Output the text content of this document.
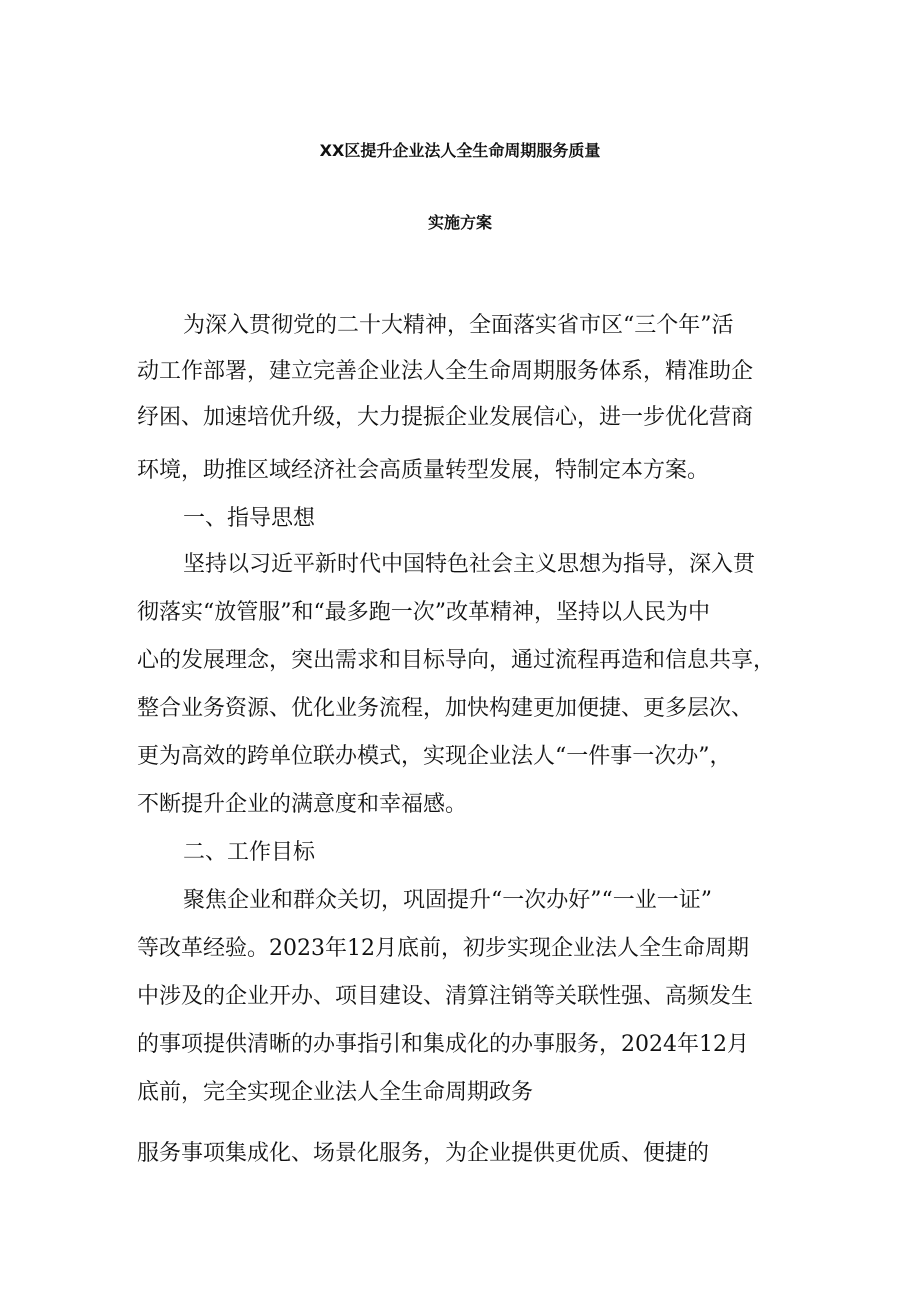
XX区提升企业法人全生命周期服务质量
实施方案
为深入贯彻党的二十大精神，全面落实省市区“三个年”活
动工作部署，建立完善企业法人全生命周期服务体系，精准助企
纾困、加速培优升级，大力提振企业发展信心，进一步优化营商
环境，助推区域经济社会高质量转型发展，特制定本方案。
一、指导思想
坚持以习近平新时代中国特色社会主义思想为指导，深入贯
彻落实“放管服”和“最多跑一次”改革精神，坚持以人民为中
心的发展理念，突出需求和目标导向，通过流程再造和信息共享，
整合业务资源、优化业务流程，加快构建更加便捷、更多层次、
更为高效的跨单位联办模式，实现企业法人“一件事一次办”，
不断提升企业的满意度和幸福感。
二、工作目标
聚焦企业和群众关切，巩固提升“一次办好”“一业一证”
等改革经验。2023年12月底前，初步实现企业法人全生命周期
中涉及的企业开办、项目建设、清算注销等关联性强、高频发生
的事项提供清晰的办事指引和集成化的办事服务，2024年12月
底前，完全实现企业法人全生命周期政务
服务事项集成化、场景化服务，为企业提供更优质、便捷的
